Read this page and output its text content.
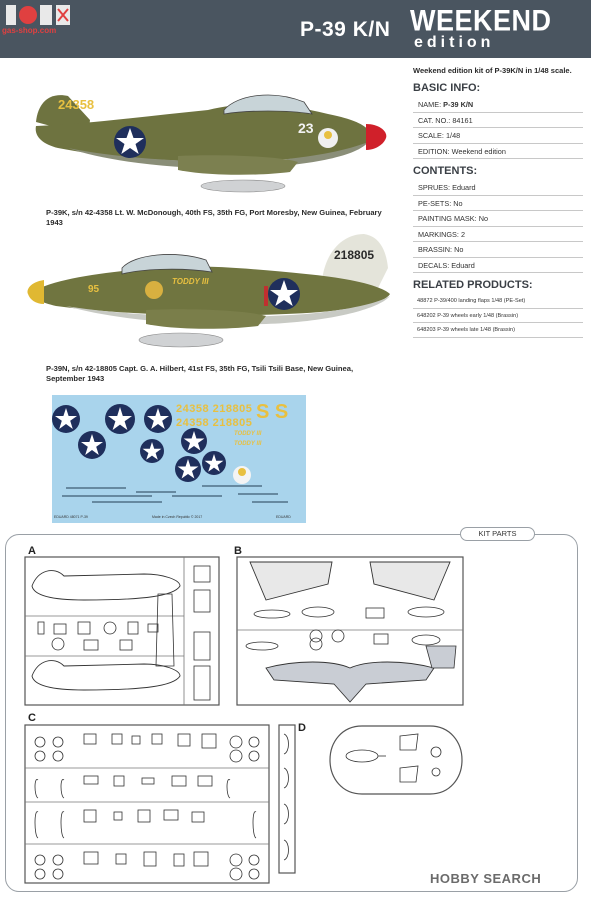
gas-shop.com	P-39 K/N WEEKEND
edition
24358
23
P-39K, s/n 42-4358 Lt. W. McDonough, 40th FS, 35th FG, Port Moresby, New Guinea, February 1943
218805
95
TODDY III
P-39N, s/n 42-18805 Capt. G. A. Hilbert, 41st FS, 35th FG, Tsili Tsili Base, New Guinea, September 1943
Weekend edition kit of P-39K/N in 1/48 scale.
BASIC INFO:
NAME: P-39 K/N
CAT. NO.: 84161
SCALE: 1/48
EDITION: Weekend edition
CONTENTS:
SPRUES: Eduard
PE-SETS: No
PAINTING MASK: No
MARKINGS: 2
BRASSIN: No
DECALS: Eduard
RELATED PRODUCTS:
48872 P-39/400 landing flaps 1/48 (PE-Set)
648202 P-39 wheels early 1/48 (Brassin)
648203 P-39 wheels late 1/48 (Brassin)
24358 218805
24358 218805 S S
TODDY III
TODDY III
EDUARD 48071 P-39	Made in Czech Republic © 2017	EDUARD
KIT PARTS
A	B
C
D
HOBBY SEARCH
